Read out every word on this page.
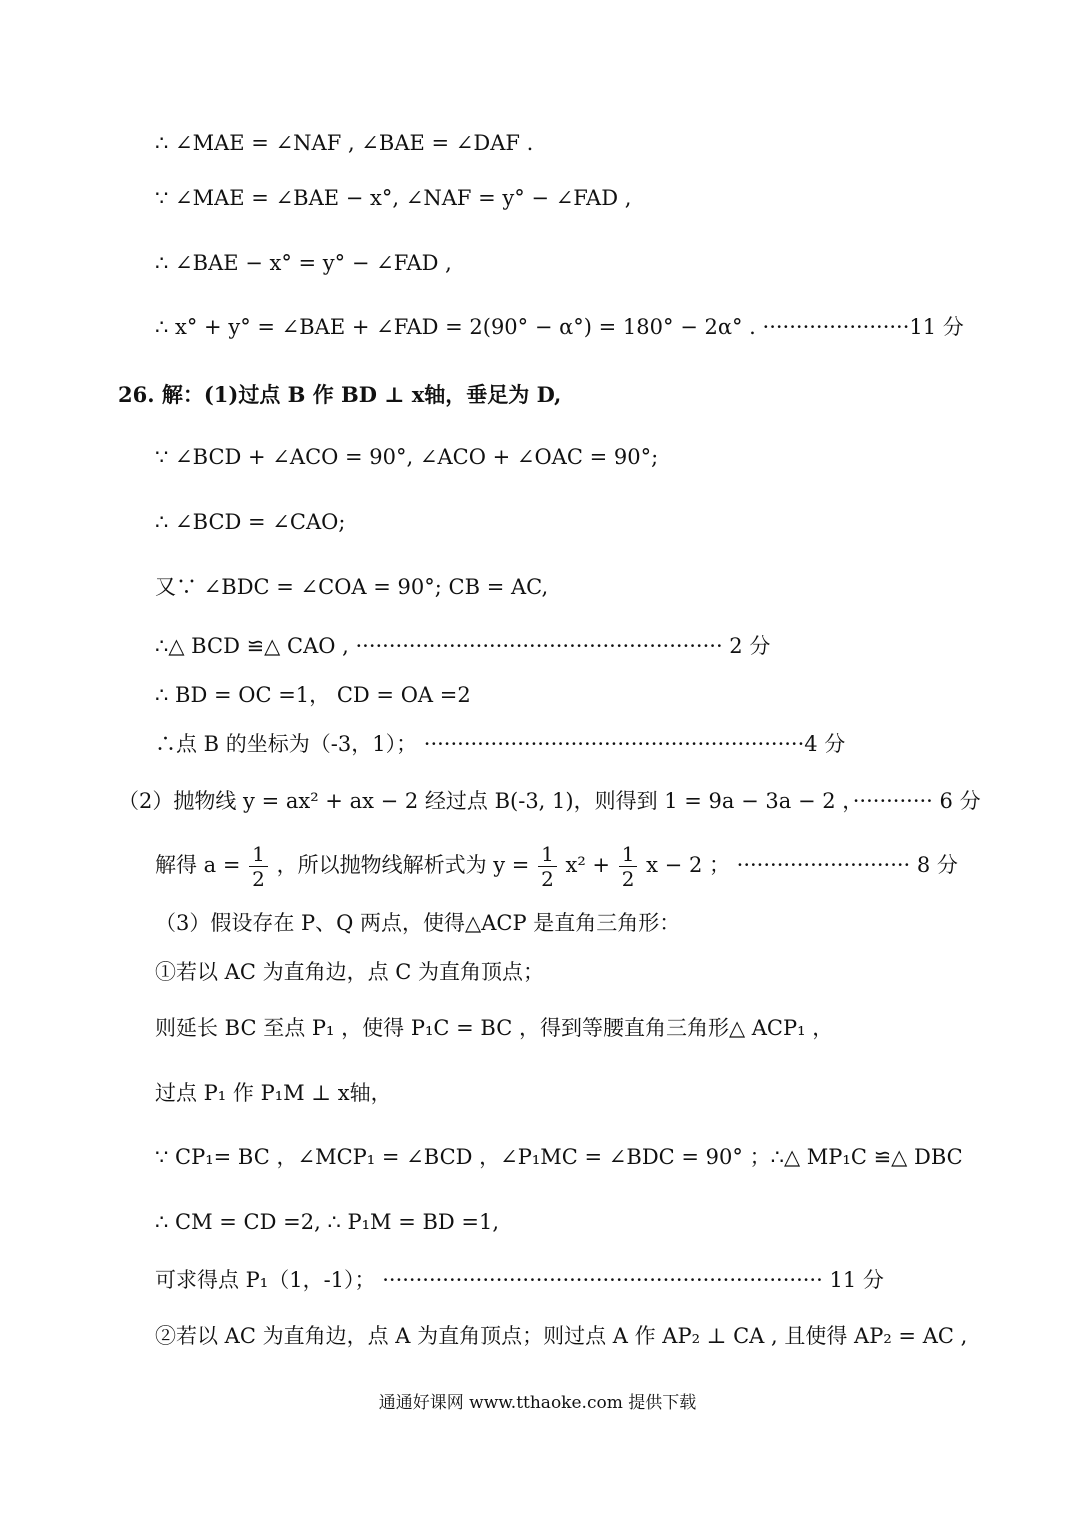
∴ ∠MAE = ∠NAF , ∠BAE = ∠DAF .
∵ ∠MAE = ∠BAE − x°, ∠NAF = y° − ∠FAD ,
∴ ∠BAE − x° = y° − ∠FAD ,
∴ x° + y° = ∠BAE + ∠FAD = 2(90° − α°) = 180° − 2α° . ······················11 分
26. 解：(1)过点 B 作 BD ⊥ x轴，垂足为 D,
∵ ∠BCD + ∠ACO = 90°, ∠ACO + ∠OAC = 90°;
∴ ∠BCD = ∠CAO;
又∵ ∠BDC = ∠COA = 90°; CB = AC,
∴△ BCD ≌△ CAO , ······················································· 2 分
∴ BD = OC =1， CD = OA =2
∴点 B 的坐标为（-3，1）； ·························································4 分
（2）抛物线 y = ax² + ax − 2 经过点 B(-3, 1)，则得到 1 = 9a − 3a − 2 ，············ 6 分
解得 $a = \frac{1}{2}$ ，所以抛物线解析式为 $y = \frac{1}{2} x^2 + \frac{1}{2}$ x − 2 ； ·························· 8 分
（3）假设存在 P、Q 两点，使得△ACP 是直角三角形：
①若以 AC 为直角边，点 C 为直角顶点；
则延长 BC 至点 P₁ ，使得 P₁C = BC ，得到等腰直角三角形△ ACP₁ ，
过点 P₁ 作 P₁M ⊥ x轴，
∵ CP₁= BC ，∠MCP₁ = ∠BCD ，∠P₁MC = ∠BDC = 90° ；∴△ MP₁C ≌△ DBC
∴ CM = CD =2, ∴ P₁M = BD =1,
可求得点 P₁（1，-1）； ·································································· 11 分
②若以 AC 为直角边，点 A 为直角顶点；则过点 A 作 AP₂ ⊥ CA , 且使得 AP₂ = AC ,
通通好课网 www.tthaoke.com 提供下载
